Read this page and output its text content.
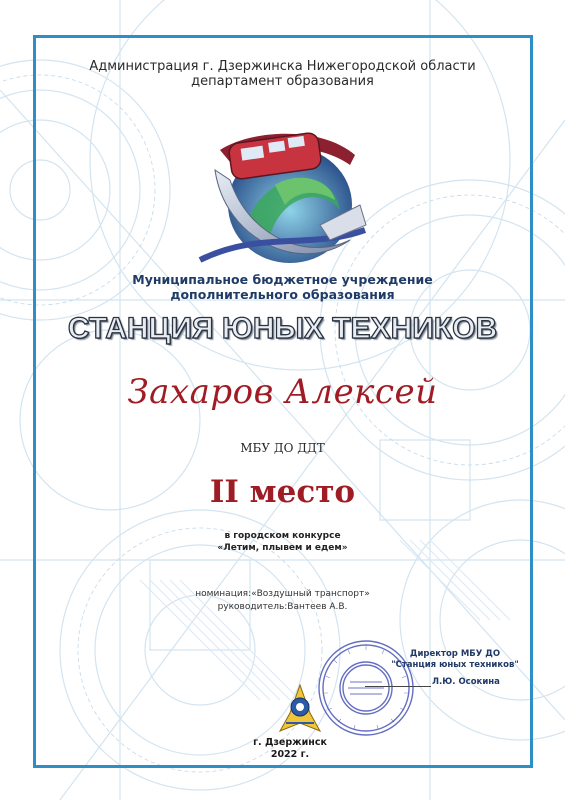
Администрация г. Дзержинска Нижегородской области
департамент образования
Муниципальное бюджетное учреждение
дополнительного образования
СТАНЦИЯ ЮНЫХ ТЕХНИКОВ
Захаров Алексей
МБУ ДО ДДТ
II место
в городском конкурсе
«Летим, плывем и едем»
номинация:«Воздушный транспорт»
руководитель:Вантеев А.В.
Директор МБУ ДО
"Станция юных техников"
Л.Ю. Осокина
г. Дзержинск
2022 г.
